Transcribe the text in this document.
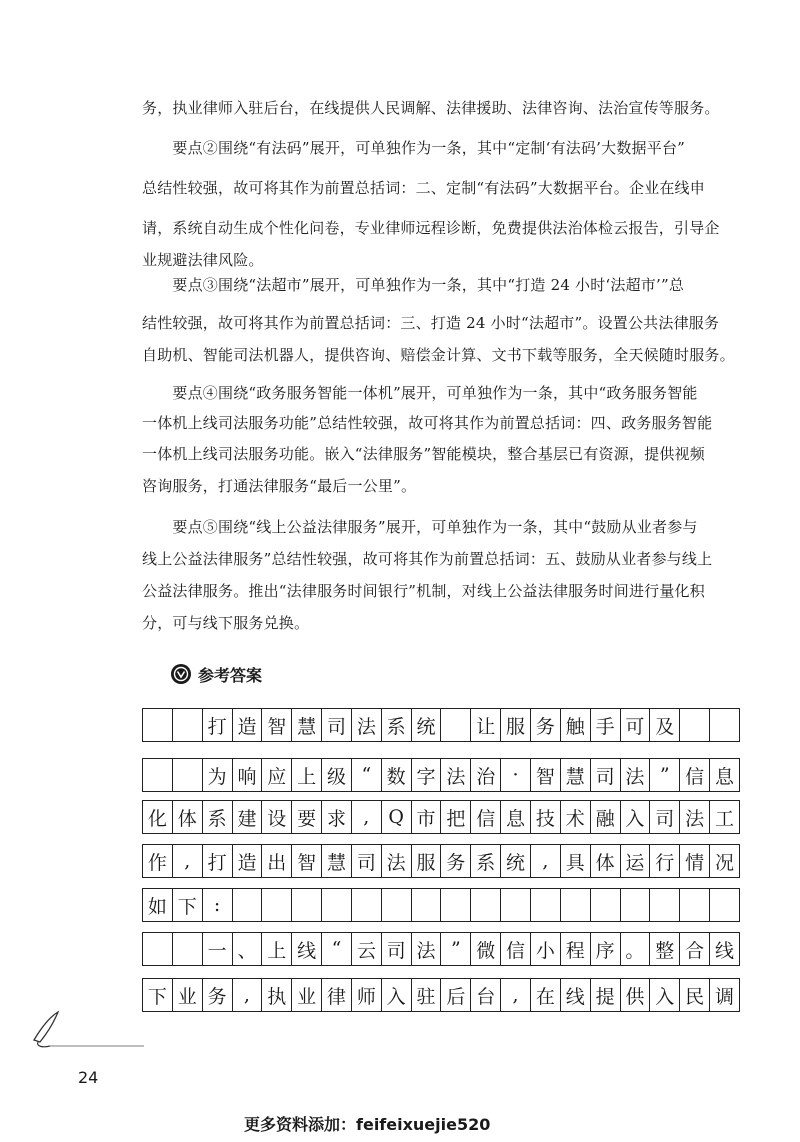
务，执业律师入驻后台，在线提供人民调解、法律援助、法律咨询、法治宣传等服务。
　　要点②围绕“有法码”展开，可单独作为一条，其中“定制‘有法码’大数据平台”
总结性较强，故可将其作为前置总括词：二、定制“有法码”大数据平台。企业在线申
请，系统自动生成个性化问卷，专业律师远程诊断，免费提供法治体检云报告，引导企
业规避法律风险。
　　要点③围绕“法超市”展开，可单独作为一条，其中“打造 24 小时‘法超市’”总
结性较强，故可将其作为前置总括词：三、打造 24 小时“法超市”。设置公共法律服务
自助机、智能司法机器人，提供咨询、赔偿金计算、文书下载等服务，全天候随时服务。
　　要点④围绕“政务服务智能一体机”展开，可单独作为一条，其中“政务服务智能
一体机上线司法服务功能”总结性较强，故可将其作为前置总括词：四、政务服务智能
一体机上线司法服务功能。嵌入“法律服务”智能模块，整合基层已有资源，提供视频
咨询服务，打通法律服务“最后一公里”。
　　要点⑤围绕“线上公益法律服务”展开，可单独作为一条，其中“鼓励从业者参与
线上公益法律服务”总结性较强，故可将其作为前置总括词：五、鼓励从业者参与线上
公益法律服务。推出“法律服务时间银行”机制，对线上公益法律服务时间进行量化积
分，可与线下服务兑换。
参考答案
打 造 智 慧 司 法 系 统	让 服 务 触 手 可 及
为 响 应 上 级 “ 数 字 法 治 · 智 慧 司 法 ” 信 息
化 体 系 建 设 要 求 ,	Q 市 把 信 息 技 术 融 入 司 法 工
作 , 打 造 出 智 慧 司 法 服 务 系 统 , 具 体 运 行 情 况
如 下 :
一 、 上 线 “ 云 司 法 ” 微 信 小 程 序 。 整 合 线
下 业 务 , 执 业 律 师 入 驻 后 台 , 在 线 提 供 入 民 调
24
更多资料添加：feifeixuejie520
